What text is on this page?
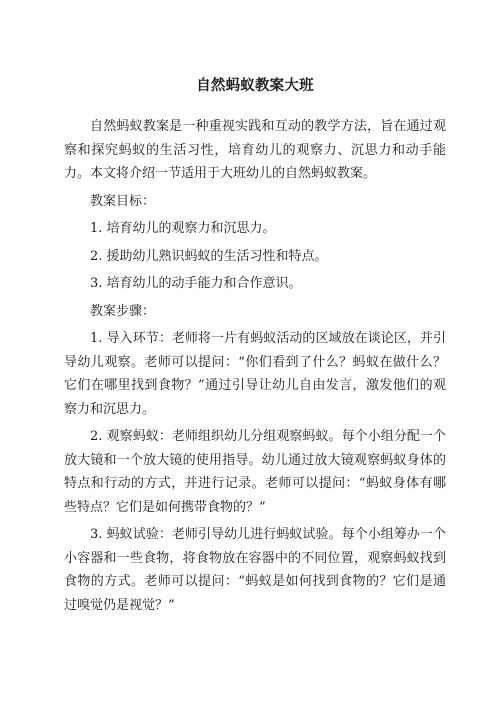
自然蚂蚁教案大班

自然蚂蚁教案是一种重视实践和互动的教学方法，旨在通过观察和探究蚂蚁的生活习性，培育幼儿的观察力、沉思力和动手能力。本文将介绍一节适用于大班幼儿的自然蚂蚁教案。

教案目标：

1. 培育幼儿的观察力和沉思力。

2. 援助幼儿熟识蚂蚁的生活习性和特点。

3. 培育幼儿的动手能力和合作意识。

教案步骤：

1. 导入环节：老师将一片有蚂蚁活动的区域放在谈论区，并引导幼儿观察。老师可以提问：“你们看到了什么？蚂蚁在做什么？它们在哪里找到食物？”通过引导让幼儿自由发言，激发他们的观察力和沉思力。

2. 观察蚂蚁：老师组织幼儿分组观察蚂蚁。每个小组分配一个放大镜和一个放大镜的使用指导。幼儿通过放大镜观察蚂蚁身体的特点和行动的方式，并进行记录。老师可以提问：“蚂蚁身体有哪些特点？它们是如何携带食物的？”

3. 蚂蚁试验：老师引导幼儿进行蚂蚁试验。每个小组筹办一个小容器和一些食物，将食物放在容器中的不同位置，观察蚂蚁找到食物的方式。老师可以提问：“蚂蚁是如何找到食物的？它们是通过嗅觉仍是视觉？”
